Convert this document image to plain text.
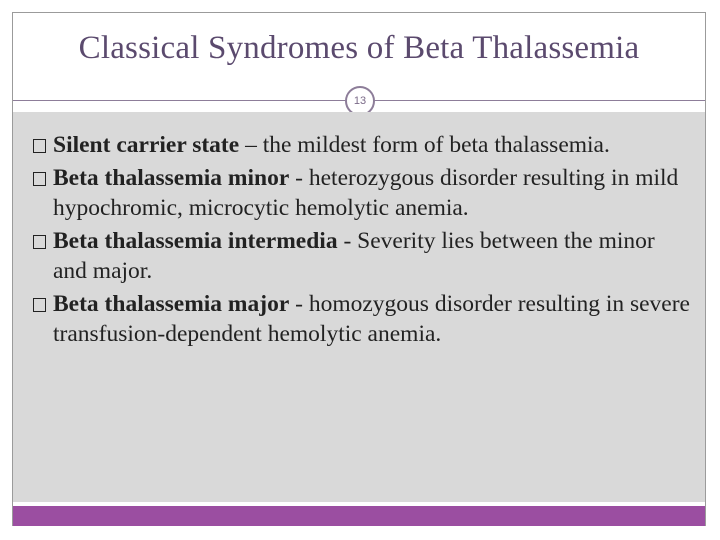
Classical Syndromes of Beta Thalassemia
13
Silent carrier state – the mildest form of beta thalassemia.
Beta thalassemia minor - heterozygous disorder resulting in mild hypochromic, microcytic hemolytic anemia.
Beta thalassemia intermedia - Severity lies between the minor and major.
Beta thalassemia major - homozygous disorder resulting in severe transfusion-dependent hemolytic anemia.
